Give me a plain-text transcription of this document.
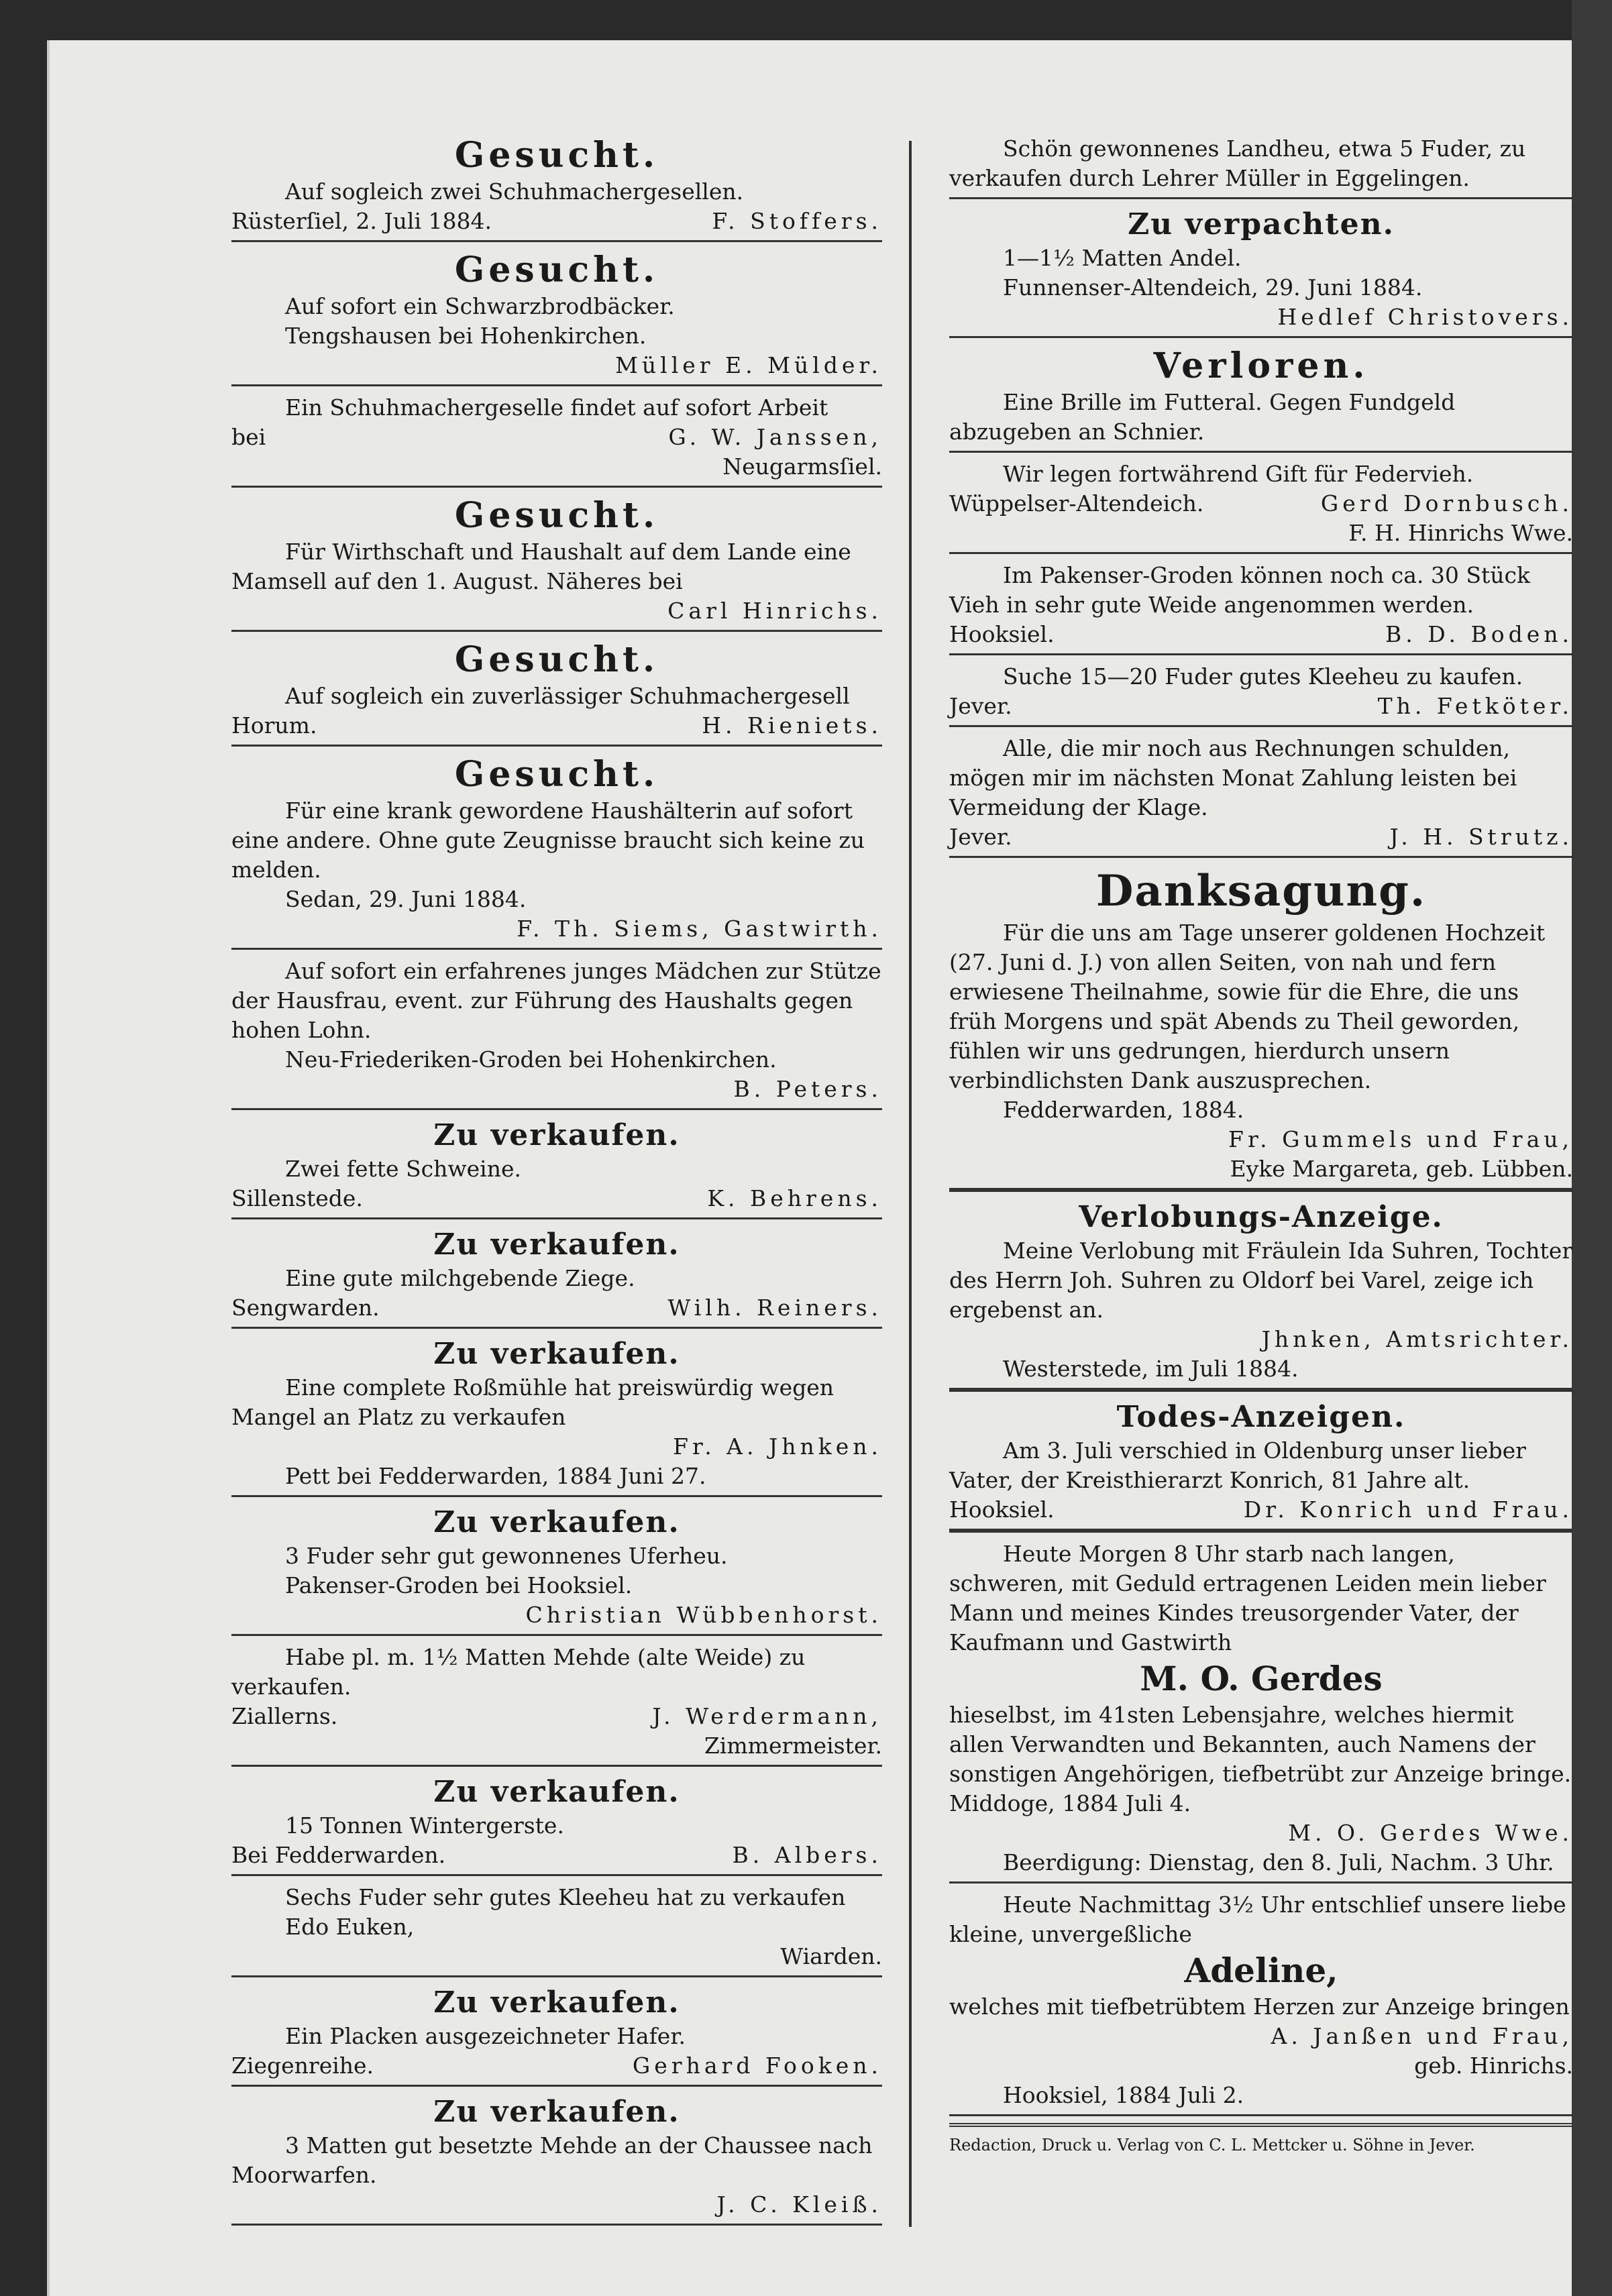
Gesucht.

Auf sogleich zwei Schuhmachergesellen.

Rüsterſiel, 2. Juli 1884.	F. Stoffers.
Gesucht.

Auf sofort ein Schwarzbrodbäcker.

Tengshausen bei Hohenkirchen.

Müller E. Mülder.

Ein Schuhmachergeselle findet auf sofort Arbeit

bei	G. W. Janssen,
Neugarmsſiel.
Gesucht.

Für Wirthschaft und Haushalt auf dem Lande eine Mamsell auf den 1. August. Näheres bei

Carl Hinrichs.
Gesucht.

Auf sogleich ein zuverlässiger Schuhmachergesell

Horum.	H. Rieniets.
Gesucht.

Für eine krank gewordene Haushälterin auf sofort eine andere. Ohne gute Zeugnisse braucht sich keine zu melden.

Sedan, 29. Juni 1884.

F. Th. Siems, Gastwirth.

Auf sofort ein erfahrenes junges Mädchen zur Stütze der Hausfrau, event. zur Führung des Haushalts gegen hohen Lohn.

Neu-Friederiken-Groden bei Hohenkirchen.

B. Peters.
Zu verkaufen.

Zwei fette Schweine.

Sillenstede.	K. Behrens.
Zu verkaufen.

Eine gute milchgebende Ziege.

Sengwarden.	Wilh. Reiners.
Zu verkaufen.

Eine complete Roßmühle hat preiswürdig wegen Mangel an Platz zu verkaufen

Fr. A. Jhnken.

Pett bei Fedderwarden, 1884 Juni 27.

Zu verkaufen.

3 Fuder sehr gut gewonnenes Uferheu.

Pakenser-Groden bei Hooksiel.

Christian Wübbenhorst.

Habe pl. m. 1½ Matten Mehde (alte Weide) zu verkaufen.

Ziallerns.	J. Werdermann,
Zimmermeister.
Zu verkaufen.

15 Tonnen Wintergerste.

Bei Fedderwarden.	B. Albers.

Sechs Fuder sehr gutes Kleeheu hat zu verkaufen

Edo Euken,

Wiarden.
Zu verkaufen.

Ein Placken ausgezeichneter Hafer.

Ziegenreihe.	Gerhard Fooken.
Zu verkaufen.

3 Matten gut besetzte Mehde an der Chaussee nach Moorwarfen.

J. C. Kleiß.

Schön gewonnenes Landheu, etwa 5 Fuder, zu verkaufen durch Lehrer Müller in Eggelingen.

Zu verpachten.

1—1½ Matten Andel.

Funnenser-Altendeich, 29. Juni 1884.

Hedlef Christovers.
Verloren.

Eine Brille im Futteral. Gegen Fundgeld abzugeben an Schnier.

Wir legen fortwährend Gift für Federvieh.

Wüppelser-Altendeich.	Gerd Dornbusch.
F. H. Hinrichs Wwe.

Im Pakenser-Groden können noch ca. 30 Stück Vieh in sehr gute Weide angenommen werden.

Hooksiel.	B. D. Boden.

Suche 15—20 Fuder gutes Kleeheu zu kaufen.

Jever.	Th. Fetköter.

Alle, die mir noch aus Rechnungen schulden, mögen mir im nächsten Monat Zahlung leisten bei Vermeidung der Klage.

Jever.	J. H. Strutz.
Danksagung.

Für die uns am Tage unserer goldenen Hochzeit (27. Juni d. J.) von allen Seiten, von nah und fern erwiesene Theilnahme, sowie für die Ehre, die uns früh Morgens und spät Abends zu Theil geworden, fühlen wir uns gedrungen, hierdurch unsern verbindlichsten Dank auszusprechen.

Fedderwarden, 1884.

Fr. Gummels und Frau,
Eyke Margareta, geb. Lübben.
Verlobungs-Anzeige.

Meine Verlobung mit Fräulein Ida Suhren, Tochter des Herrn Joh. Suhren zu Oldorf bei Varel, zeige ich ergebenst an.

Jhnken, Amtsrichter.

Westerstede, im Juli 1884.

Todes-Anzeigen.

Am 3. Juli verschied in Oldenburg unser lieber Vater, der Kreisthierarzt Konrich, 81 Jahre alt.

Hooksiel.	Dr. Konrich und Frau.

Heute Morgen 8 Uhr starb nach langen, schweren, mit Geduld ertragenen Leiden mein lieber Mann und meines Kindes treusorgender Vater, der Kaufmann und Gastwirth

M. O. Gerdes

hieselbst, im 41sten Lebensjahre, welches hiermit allen Verwandten und Bekannten, auch Namens der sonstigen Angehörigen, tiefbetrübt zur Anzeige bringe.

Middoge, 1884 Juli 4.

M. O. Gerdes Wwe.

Beerdigung: Dienstag, den 8. Juli, Nachm. 3 Uhr.

Heute Nachmittag 3½ Uhr entschlief unsere liebe kleine, unvergeßliche

Adeline,

welches mit tiefbetrübtem Herzen zur Anzeige bringen

A. Janßen und Frau,
geb. Hinrichs.

Hooksiel, 1884 Juli 2.

Redaction, Druck u. Verlag von C. L. Mettcker u. Söhne in Jever.
